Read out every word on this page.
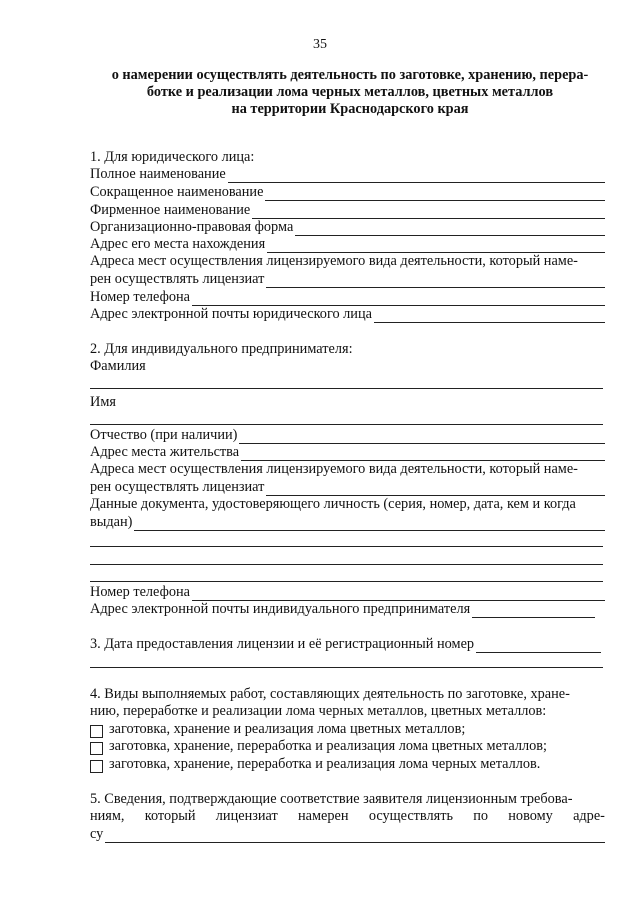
35
о намерении осуществлять деятельность по заготовке, хранению, перера-
ботке и реализации лома черных металлов, цветных металлов
на территории Краснодарского края
1. Для юридического лица:
Полное наименование
Сокращенное наименование
Фирменное наименование
Организационно-правовая форма
Адрес его места нахождения
Адреса мест осуществления лицензируемого вида деятельности, который намe-
рен осуществлять лицензиат
Номер телефона
Адрес электронной почты юридического лица
2. Для индивидуального предпринимателя:
Фамилия
Имя
Отчество (при наличии)
Адрес места жительства
Адреса мест осуществления лицензируемого вида деятельности, который наме-
рен осуществлять лицензиат
Данные документа, удостоверяющего личность (серия, номер, дата, кем и когда
выдан)
Номер телефона
Адрес электронной почты индивидуального предпринимателя
3. Дата предоставления лицензии и её регистрационный номер
4. Виды выполняемых работ, составляющих деятельность по заготовке, хране-
нию, переработке и реализации лома черных металлов, цветных металлов:
заготовка, хранение и реализация лома цветных металлов;
заготовка, хранение, переработка и реализация лома цветных металлов;
заготовка, хранение, переработка и реализация лома черных металлов.
5. Сведения, подтверждающие соответствие заявителя лицензионным требова-
ниям, который лицензиат намерен осуществлять по новому адре-
су
